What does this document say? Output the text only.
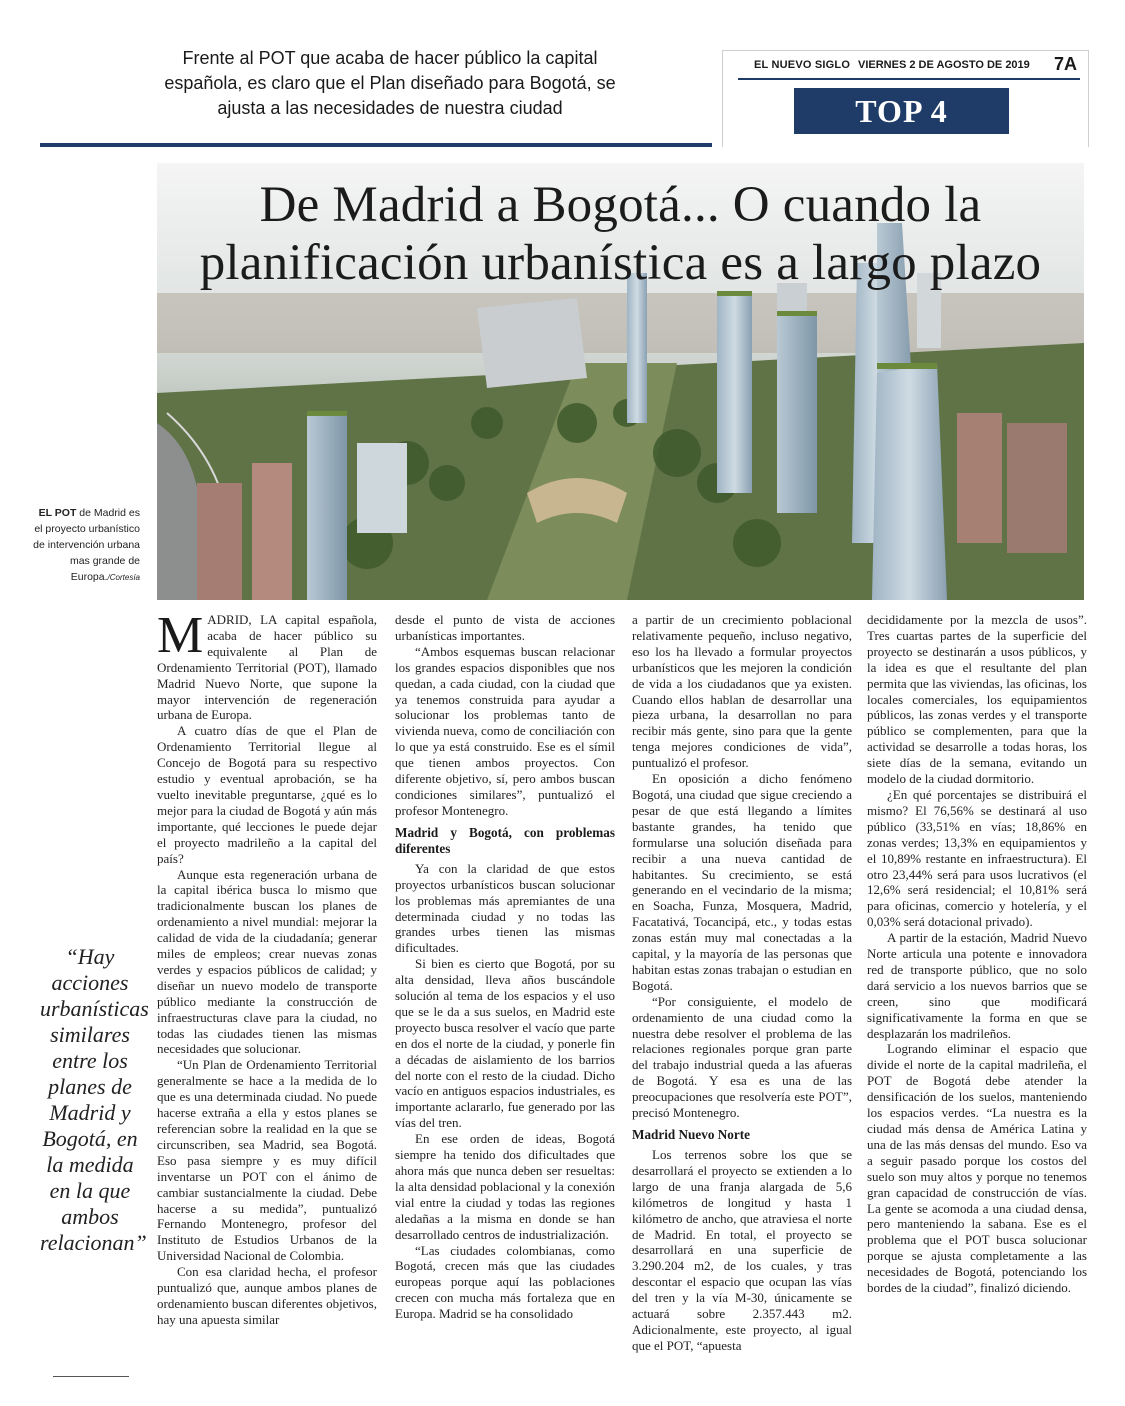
Frente al POT que acaba de hacer público la capital española, es claro que el Plan diseñado para Bogotá, se ajusta a las necesidades de nuestra ciudad
EL NUEVO SIGLO VIERNES 2 DE AGOSTO DE 2019 7A
TOP 4
De Madrid a Bogotá... O cuando la
planificación urbanística es a largo plazo
EL POT de Madrid es el proyecto urbanístico de intervención urbana mas grande de Europa./Cortesía
“Hay acciones urbanísticas similares entre los planes de Madrid y Bogotá, en la medida en la que ambos relacionan”

MADRID, LA capital española, acaba de hacer público su equivalente al Plan de Ordenamiento Territorial (POT), llamado Madrid Nuevo Norte, que supone la mayor intervención de regeneración urbana de Europa.

A cuatro días de que el Plan de Ordenamiento Territorial llegue al Concejo de Bogotá para su respectivo estudio y eventual aprobación, se ha vuelto inevitable preguntarse, ¿qué es lo mejor para la ciudad de Bogotá y aún más importante, qué lecciones le puede dejar el proyecto madrileño a la capital del país?

Aunque esta regeneración urbana de la capital ibérica busca lo mismo que tradicionalmente buscan los planes de ordenamiento a nivel mundial: mejorar la calidad de vida de la ciudadanía; generar miles de empleos; crear nuevas zonas verdes y espacios públicos de calidad; y diseñar un nuevo modelo de transporte público mediante la construcción de infraestructuras clave para la ciudad, no todas las ciudades tienen las mismas necesidades que solucionar.

“Un Plan de Ordenamiento Territorial generalmente se hace a la medida de lo que es una determinada ciudad. No puede hacerse extraña a ella y estos planes se referencian sobre la realidad en la que se circunscriben, sea Madrid, sea Bogotá. Eso pasa siempre y es muy difícil inventarse un POT con el ánimo de cambiar sustancialmente la ciudad. Debe hacerse a su medida”, puntualizó Fernando Montenegro, profesor del Instituto de Estudios Urbanos de la Universidad Nacional de Colombia.

Con esa claridad hecha, el profesor puntualizó que, aunque ambos planes de ordenamiento buscan diferentes objetivos, hay una apuesta similar

desde el punto de vista de acciones urbanísticas importantes.

“Ambos esquemas buscan relacionar los grandes espacios disponibles que nos quedan, a cada ciudad, con la ciudad que ya tenemos construida para ayudar a solucionar los problemas tanto de vivienda nueva, como de conciliación con lo que ya está construido. Ese es el símil que tienen ambos proyectos. Con diferente objetivo, sí, pero ambos buscan condiciones similares”, puntualizó el profesor Montenegro.

Madrid y Bogotá, con problemas diferentes

Ya con la claridad de que estos proyectos urbanísticos buscan solucionar los problemas más apremiantes de una determinada ciudad y no todas las grandes urbes tienen las mismas dificultades.

Si bien es cierto que Bogotá, por su alta densidad, lleva años buscándole solución al tema de los espacios y el uso que se le da a sus suelos, en Madrid este proyecto busca resolver el vacío que parte en dos el norte de la ciudad, y ponerle fin a décadas de aislamiento de los barrios del norte con el resto de la ciudad. Dicho vacío en antiguos espacios industriales, es importante aclararlo, fue generado por las vías del tren.

En ese orden de ideas, Bogotá siempre ha tenido dos dificultades que ahora más que nunca deben ser resueltas: la alta densidad poblacional y la conexión vial entre la ciudad y todas las regiones aledañas a la misma en donde se han desarrollado centros de industrialización.

“Las ciudades colombianas, como Bogotá, crecen más que las ciudades europeas porque aquí las poblaciones crecen con mucha más fortaleza que en Europa. Madrid se ha consolidado

a partir de un crecimiento poblacional relativamente pequeño, incluso negativo, eso los ha llevado a formular proyectos urbanísticos que les mejoren la condición de vida a los ciudadanos que ya existen. Cuando ellos hablan de desarrollar una pieza urbana, la desarrollan no para recibir más gente, sino para que la gente tenga mejores condiciones de vida”, puntualizó el profesor.

En oposición a dicho fenómeno Bogotá, una ciudad que sigue creciendo a pesar de que está llegando a límites bastante grandes, ha tenido que formularse una solución diseñada para recibir a una nueva cantidad de habitantes. Su crecimiento, se está generando en el vecindario de la misma; en Soacha, Funza, Mosquera, Madrid, Facatativá, Tocancipá, etc., y todas estas zonas están muy mal conectadas a la capital, y la mayoría de las personas que habitan estas zonas trabajan o estudian en Bogotá.

“Por consiguiente, el modelo de ordenamiento de una ciudad como la nuestra debe resolver el problema de las relaciones regionales porque gran parte del trabajo industrial queda a las afueras de Bogotá. Y esa es una de las preocupaciones que resolvería este POT”, precisó Montenegro.

Madrid Nuevo Norte

Los terrenos sobre los que se desarrollará el proyecto se extienden a lo largo de una franja alargada de 5,6 kilómetros de longitud y hasta 1 kilómetro de ancho, que atraviesa el norte de Madrid. En total, el proyecto se desarrollará en una superficie de 3.290.204 m2, de los cuales, y tras descontar el espacio que ocupan las vías del tren y la vía M-30, únicamente se actuará sobre 2.357.443 m2. Adicionalmente, este proyecto, al igual que el POT, “apuesta

decididamente por la mezcla de usos”. Tres cuartas partes de la superficie del proyecto se destinarán a usos públicos, y la idea es que el resultante del plan permita que las viviendas, las oficinas, los locales comerciales, los equipamientos públicos, las zonas verdes y el transporte público se complementen, para que la actividad se desarrolle a todas horas, los siete días de la semana, evitando un modelo de la ciudad dormitorio.

¿En qué porcentajes se distribuirá el mismo? El 76,56% se destinará al uso público (33,51% en vías; 18,86% en zonas verdes; 13,3% en equipamientos y el 10,89% restante en infraestructura). El otro 23,44% será para usos lucrativos (el 12,6% será residencial; el 10,81% será para oficinas, comercio y hotelería, y el 0,03% será dotacional privado).

A partir de la estación, Madrid Nuevo Norte articula una potente e innovadora red de transporte público, que no solo dará servicio a los nuevos barrios que se creen, sino que modificará significativamente la forma en que se desplazarán los madrileños.

Logrando eliminar el espacio que divide el norte de la capital madrileña, el POT de Bogotá debe atender la densificación de los suelos, manteniendo los espacios verdes. “La nuestra es la ciudad más densa de América Latina y una de las más densas del mundo. Eso va a seguir pasado porque los costos del suelo son muy altos y porque no tenemos gran capacidad de construcción de vías. La gente se acomoda a una ciudad densa, pero manteniendo la sabana. Ese es el problema que el POT busca solucionar porque se ajusta completamente a las necesidades de Bogotá, potenciando los bordes de la ciudad”, finalizó diciendo.
